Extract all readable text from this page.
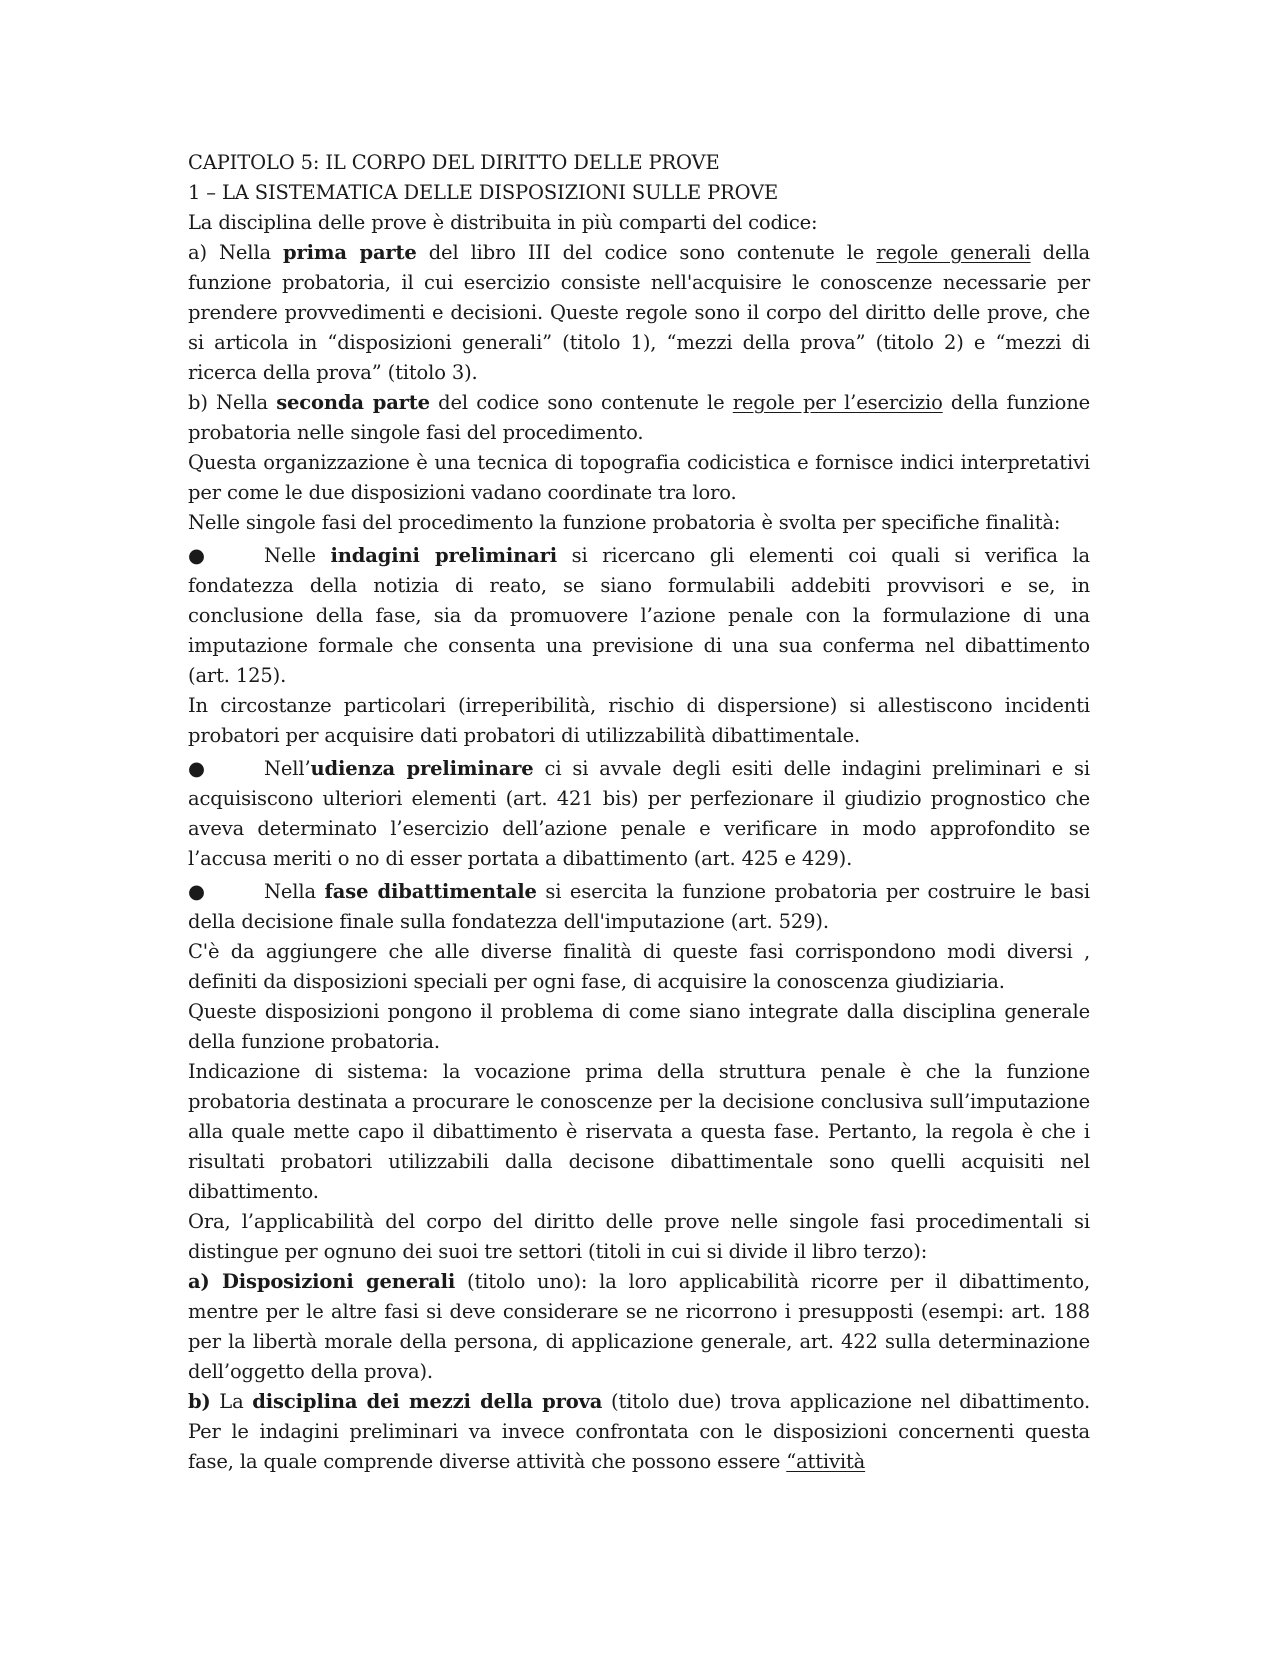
CAPITOLO 5: IL CORPO DEL DIRITTO DELLE PROVE

1 – LA SISTEMATICA DELLE DISPOSIZIONI SULLE PROVE

La disciplina delle prove è distribuita in più comparti del codice:

a) Nella prima parte del libro III del codice sono contenute le regole generali della funzione probatoria, il cui esercizio consiste nell'acquisire le conoscenze necessarie per prendere provvedimenti e decisioni. Queste regole sono il corpo del diritto delle prove, che si articola in “disposizioni generali” (titolo 1), “mezzi della prova” (titolo 2) e “mezzi di ricerca della prova” (titolo 3).

b) Nella seconda parte del codice sono contenute le regole per l’esercizio della funzione probatoria nelle singole fasi del procedimento.

Questa organizzazione è una tecnica di topografia codicistica e fornisce indici interpretativi per come le due disposizioni vadano coordinate tra loro.

Nelle singole fasi del procedimento la funzione probatoria è svolta per specifiche finalità:

●	Nelle indagini preliminari si ricercano gli elementi coi quali si verifica la fondatezza della notizia di reato, se siano formulabili addebiti provvisori e se, in conclusione della fase, sia da promuovere l’azione penale con la formulazione di una imputazione formale che consenta una previsione di una sua conferma nel dibattimento (art. 125).

In circostanze particolari (irreperibilità, rischio di dispersione) si allestiscono incidenti probatori per acquisire dati probatori di utilizzabilità dibattimentale.

●	Nell’udienza preliminare ci si avvale degli esiti delle indagini preliminari e si acquisiscono ulteriori elementi (art. 421 bis) per perfezionare il giudizio prognostico che aveva determinato l’esercizio dell’azione penale e verificare in modo approfondito se l’accusa meriti o no di esser portata a dibattimento (art. 425 e 429).

●	Nella fase dibattimentale si esercita la funzione probatoria per costruire le basi della decisione finale sulla fondatezza dell'imputazione (art. 529).

C'è da aggiungere che alle diverse finalità di queste fasi corrispondono modi diversi , definiti da disposizioni speciali per ogni fase, di acquisire la conoscenza giudiziaria.

Queste disposizioni pongono il problema di come siano integrate dalla disciplina generale della funzione probatoria.

Indicazione di sistema: la vocazione prima della struttura penale è che la funzione probatoria destinata a procurare le conoscenze per la decisione conclusiva sull’imputazione alla quale mette capo il dibattimento è riservata a questa fase. Pertanto, la regola è che i risultati probatori utilizzabili dalla decisone dibattimentale sono quelli acquisiti nel dibattimento.

Ora, l’applicabilità del corpo del diritto delle prove nelle singole fasi procedimentali si distingue per ognuno dei suoi tre settori (titoli in cui si divide il libro terzo):

a) Disposizioni generali (titolo uno): la loro applicabilità ricorre per il dibattimento, mentre per le altre fasi si deve considerare se ne ricorrono i presupposti (esempi: art. 188 per la libertà morale della persona, di applicazione generale, art. 422 sulla determinazione dell’oggetto della prova).

b) La disciplina dei mezzi della prova (titolo due) trova applicazione nel dibattimento. Per le indagini preliminari va invece confrontata con le disposizioni concernenti questa fase, la quale comprende diverse attività che possono essere “attività
